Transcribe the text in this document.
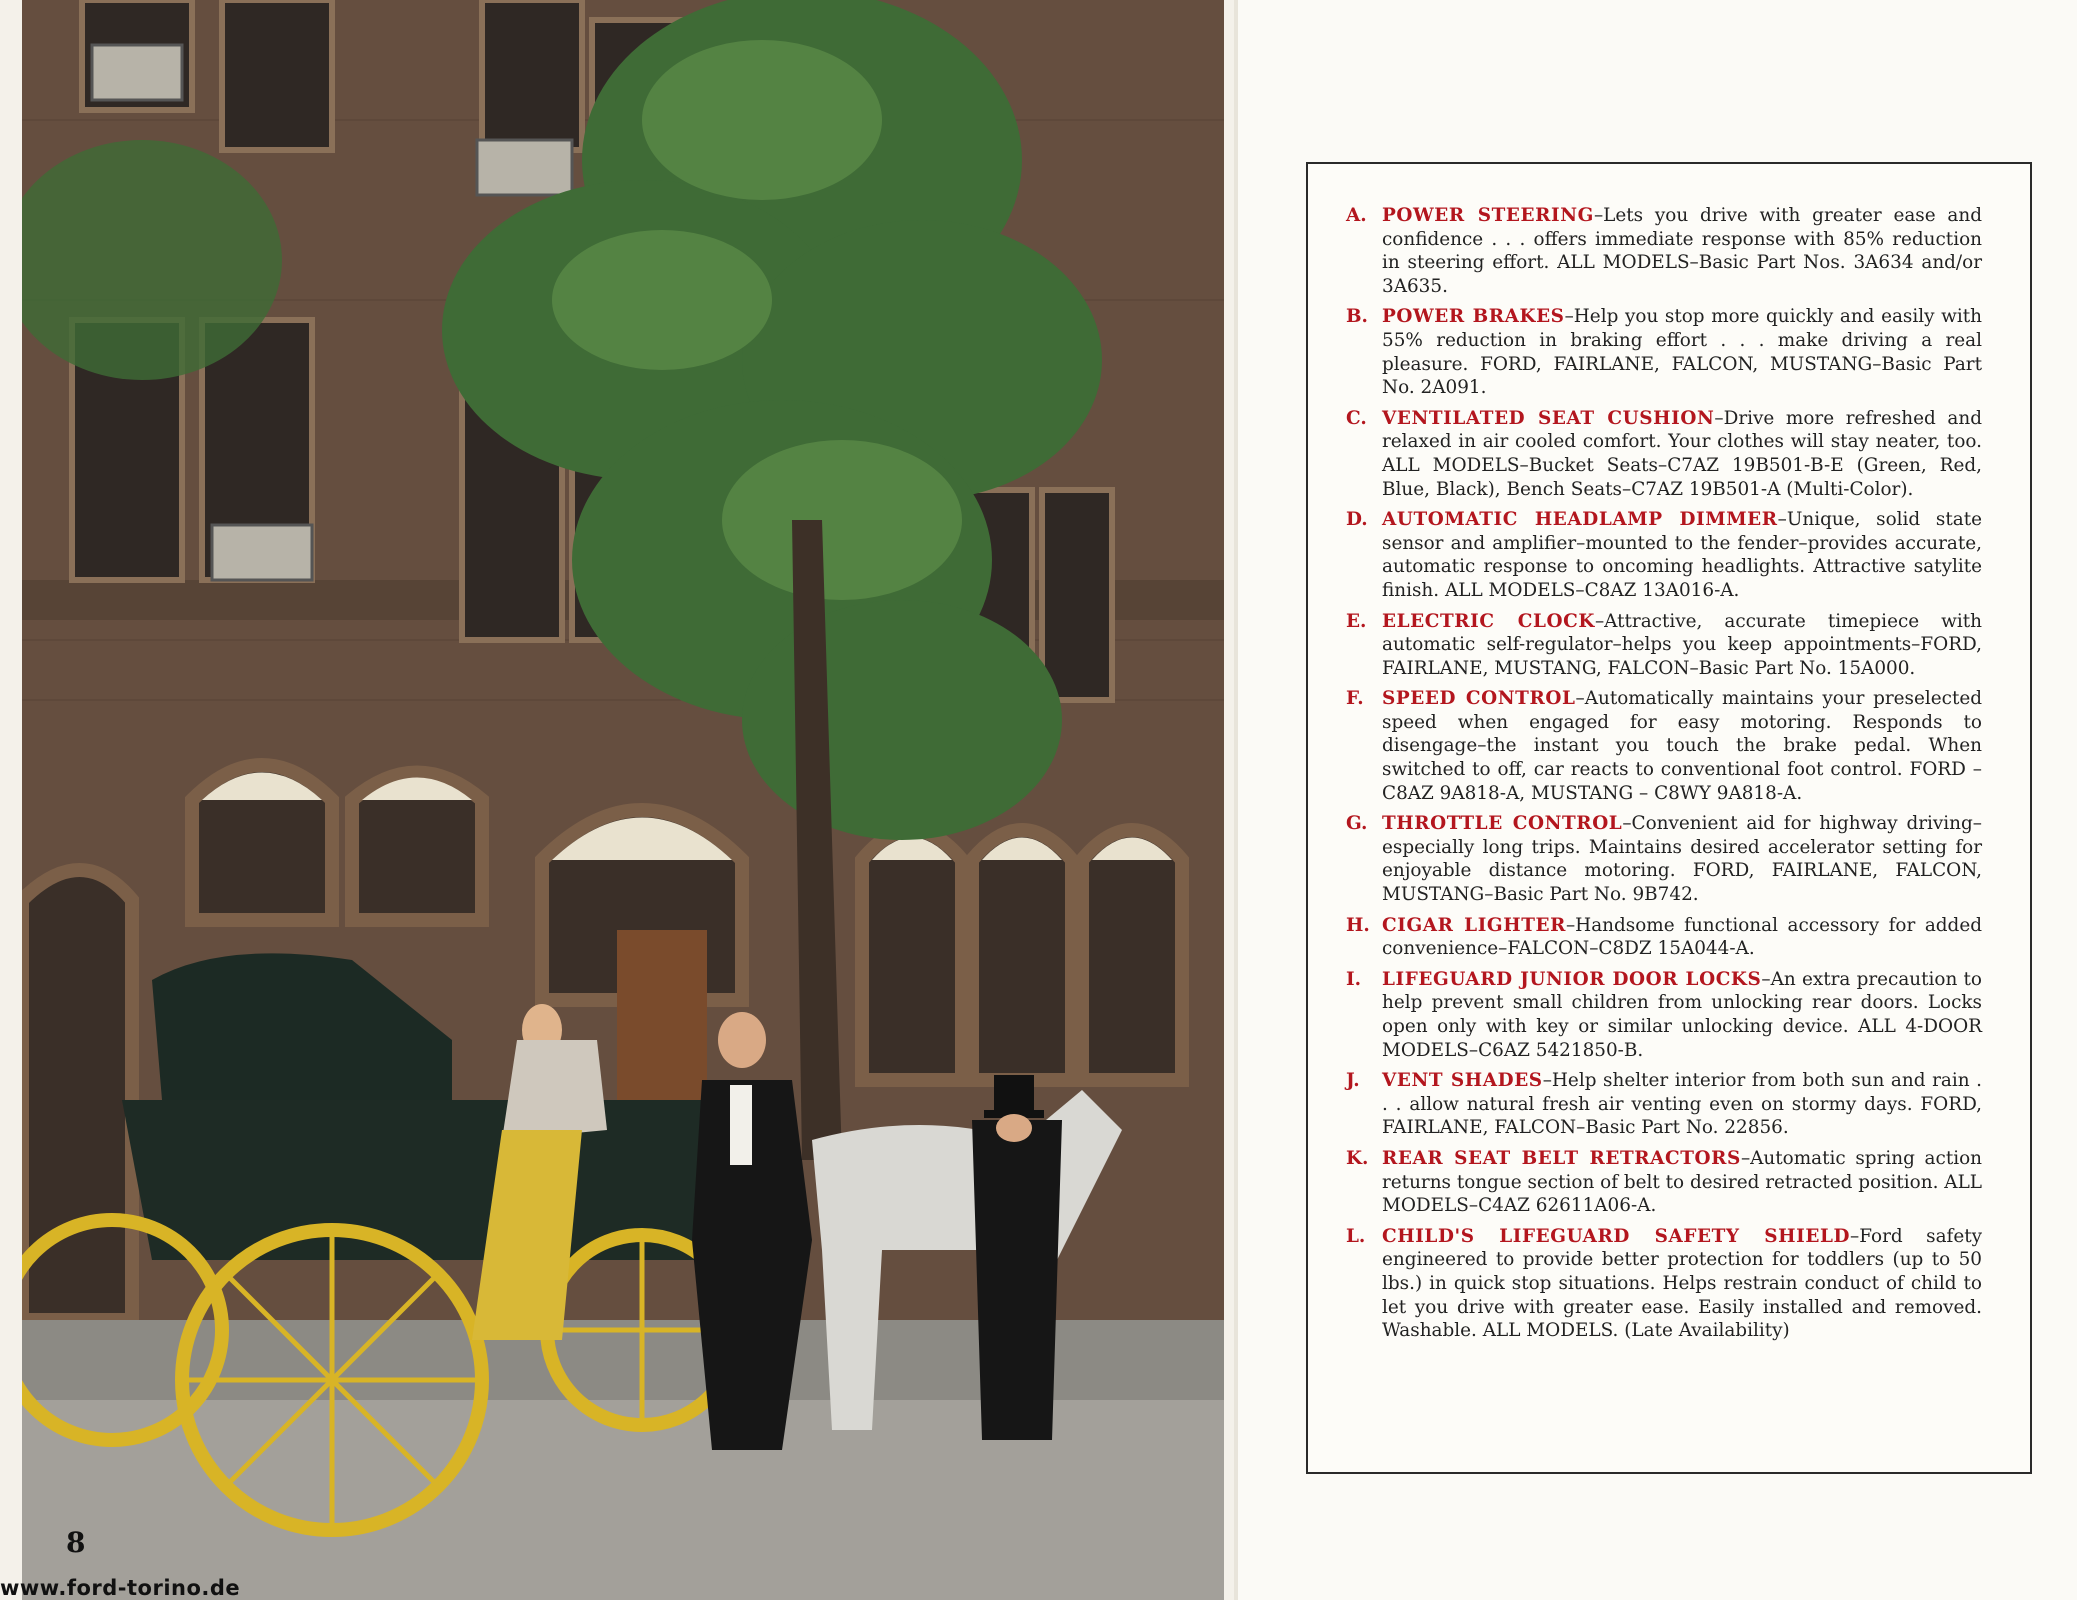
8
www.ford-torino.de
A. POWER STEERING–Lets you drive with greater ease and confidence . . . offers immediate response with 85% reduction in steering effort. ALL MODELS–Basic Part Nos. 3A634 and/or 3A635.
B. POWER BRAKES–Help you stop more quickly and easily with 55% reduction in braking effort . . . make driving a real pleasure. FORD, FAIRLANE, FALCON, MUSTANG–Basic Part No. 2A091.
C. VENTILATED SEAT CUSHION–Drive more refreshed and relaxed in air cooled comfort. Your clothes will stay neater, too. ALL MODELS–Bucket Seats–C7AZ 19B501-B-E (Green, Red, Blue, Black), Bench Seats–C7AZ 19B501-A (Multi-Color).
D. AUTOMATIC HEADLAMP DIMMER–Unique, solid state sensor and amplifier–mounted to the fender–provides accurate, automatic response to oncoming headlights. Attractive satylite finish. ALL MODELS–C8AZ 13A016-A.
E. ELECTRIC CLOCK–Attractive, accurate timepiece with automatic self-regulator–helps you keep appointments–FORD, FAIRLANE, MUSTANG, FALCON–Basic Part No. 15A000.
F. SPEED CONTROL–Automatically maintains your preselected speed when engaged for easy motoring. Responds to disengage–the instant you touch the brake pedal. When switched to off, car reacts to conventional foot control. FORD – C8AZ 9A818-A, MUSTANG – C8WY 9A818-A.
G. THROTTLE CONTROL–Convenient aid for highway driving–especially long trips. Maintains desired accelerator setting for enjoyable distance motoring. FORD, FAIRLANE, FALCON, MUSTANG–Basic Part No. 9B742.
H. CIGAR LIGHTER–Handsome functional accessory for added convenience–FALCON–C8DZ 15A044-A.
I. LIFEGUARD JUNIOR DOOR LOCKS–An extra precaution to help prevent small children from unlocking rear doors. Locks open only with key or similar unlocking device. ALL 4-DOOR MODELS–C6AZ 5421850-B.
J. VENT SHADES–Help shelter interior from both sun and rain . . . allow natural fresh air venting even on stormy days. FORD, FAIRLANE, FALCON–Basic Part No. 22856.
K. REAR SEAT BELT RETRACTORS–Automatic spring action returns tongue section of belt to desired retracted position. ALL MODELS–C4AZ 62611A06-A.
L. CHILD'S LIFEGUARD SAFETY SHIELD–Ford safety engineered to provide better protection for toddlers (up to 50 lbs.) in quick stop situations. Helps restrain conduct of child to let you drive with greater ease. Easily installed and removed. Washable. ALL MODELS. (Late Availability)
